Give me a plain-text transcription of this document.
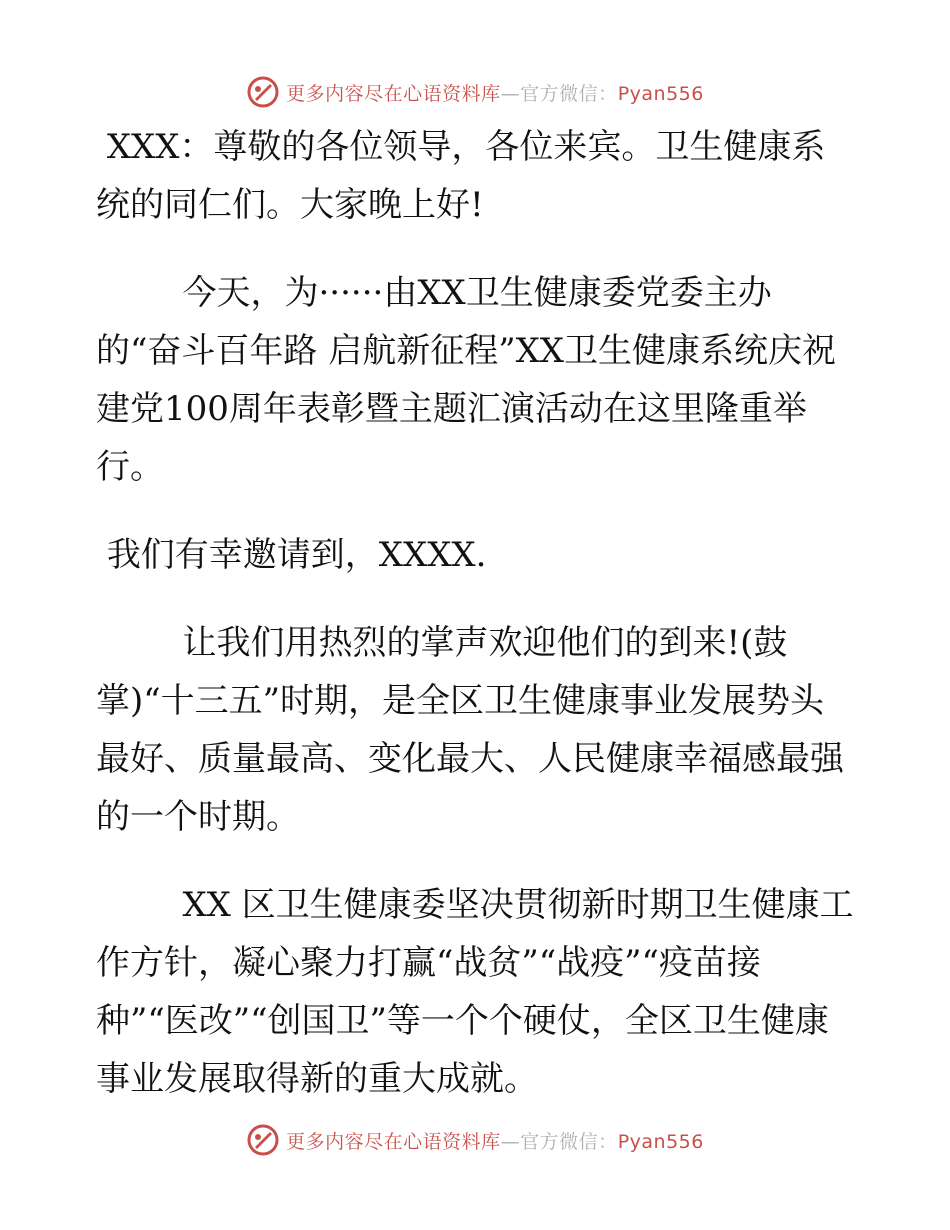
更多内容尽在心语资料库—官方微信：Pyan556

XXX：尊敬的各位领导，各位来宾。卫生健康系统的同仁们。大家晚上好!

今天，为······由XX卫生健康委党委主办的“奋斗百年路 启航新征程”XX卫生健康系统庆祝建党100周年表彰暨主题汇演活动在这里隆重举行。

我们有幸邀请到，XXXX.

让我们用热烈的掌声欢迎他们的到来!(鼓掌)“十三五”时期，是全区卫生健康事业发展势头最好、质量最高、变化最大、人民健康幸福感最强的一个时期。

XX 区卫生健康委坚决贯彻新时期卫生健康工作方针，凝心聚力打赢“战贫”“战疫”“疫苗接种”“医改”“创国卫”等一个个硬仗，全区卫生健康事业发展取得新的重大成就。

更多内容尽在心语资料库—官方微信：Pyan556
